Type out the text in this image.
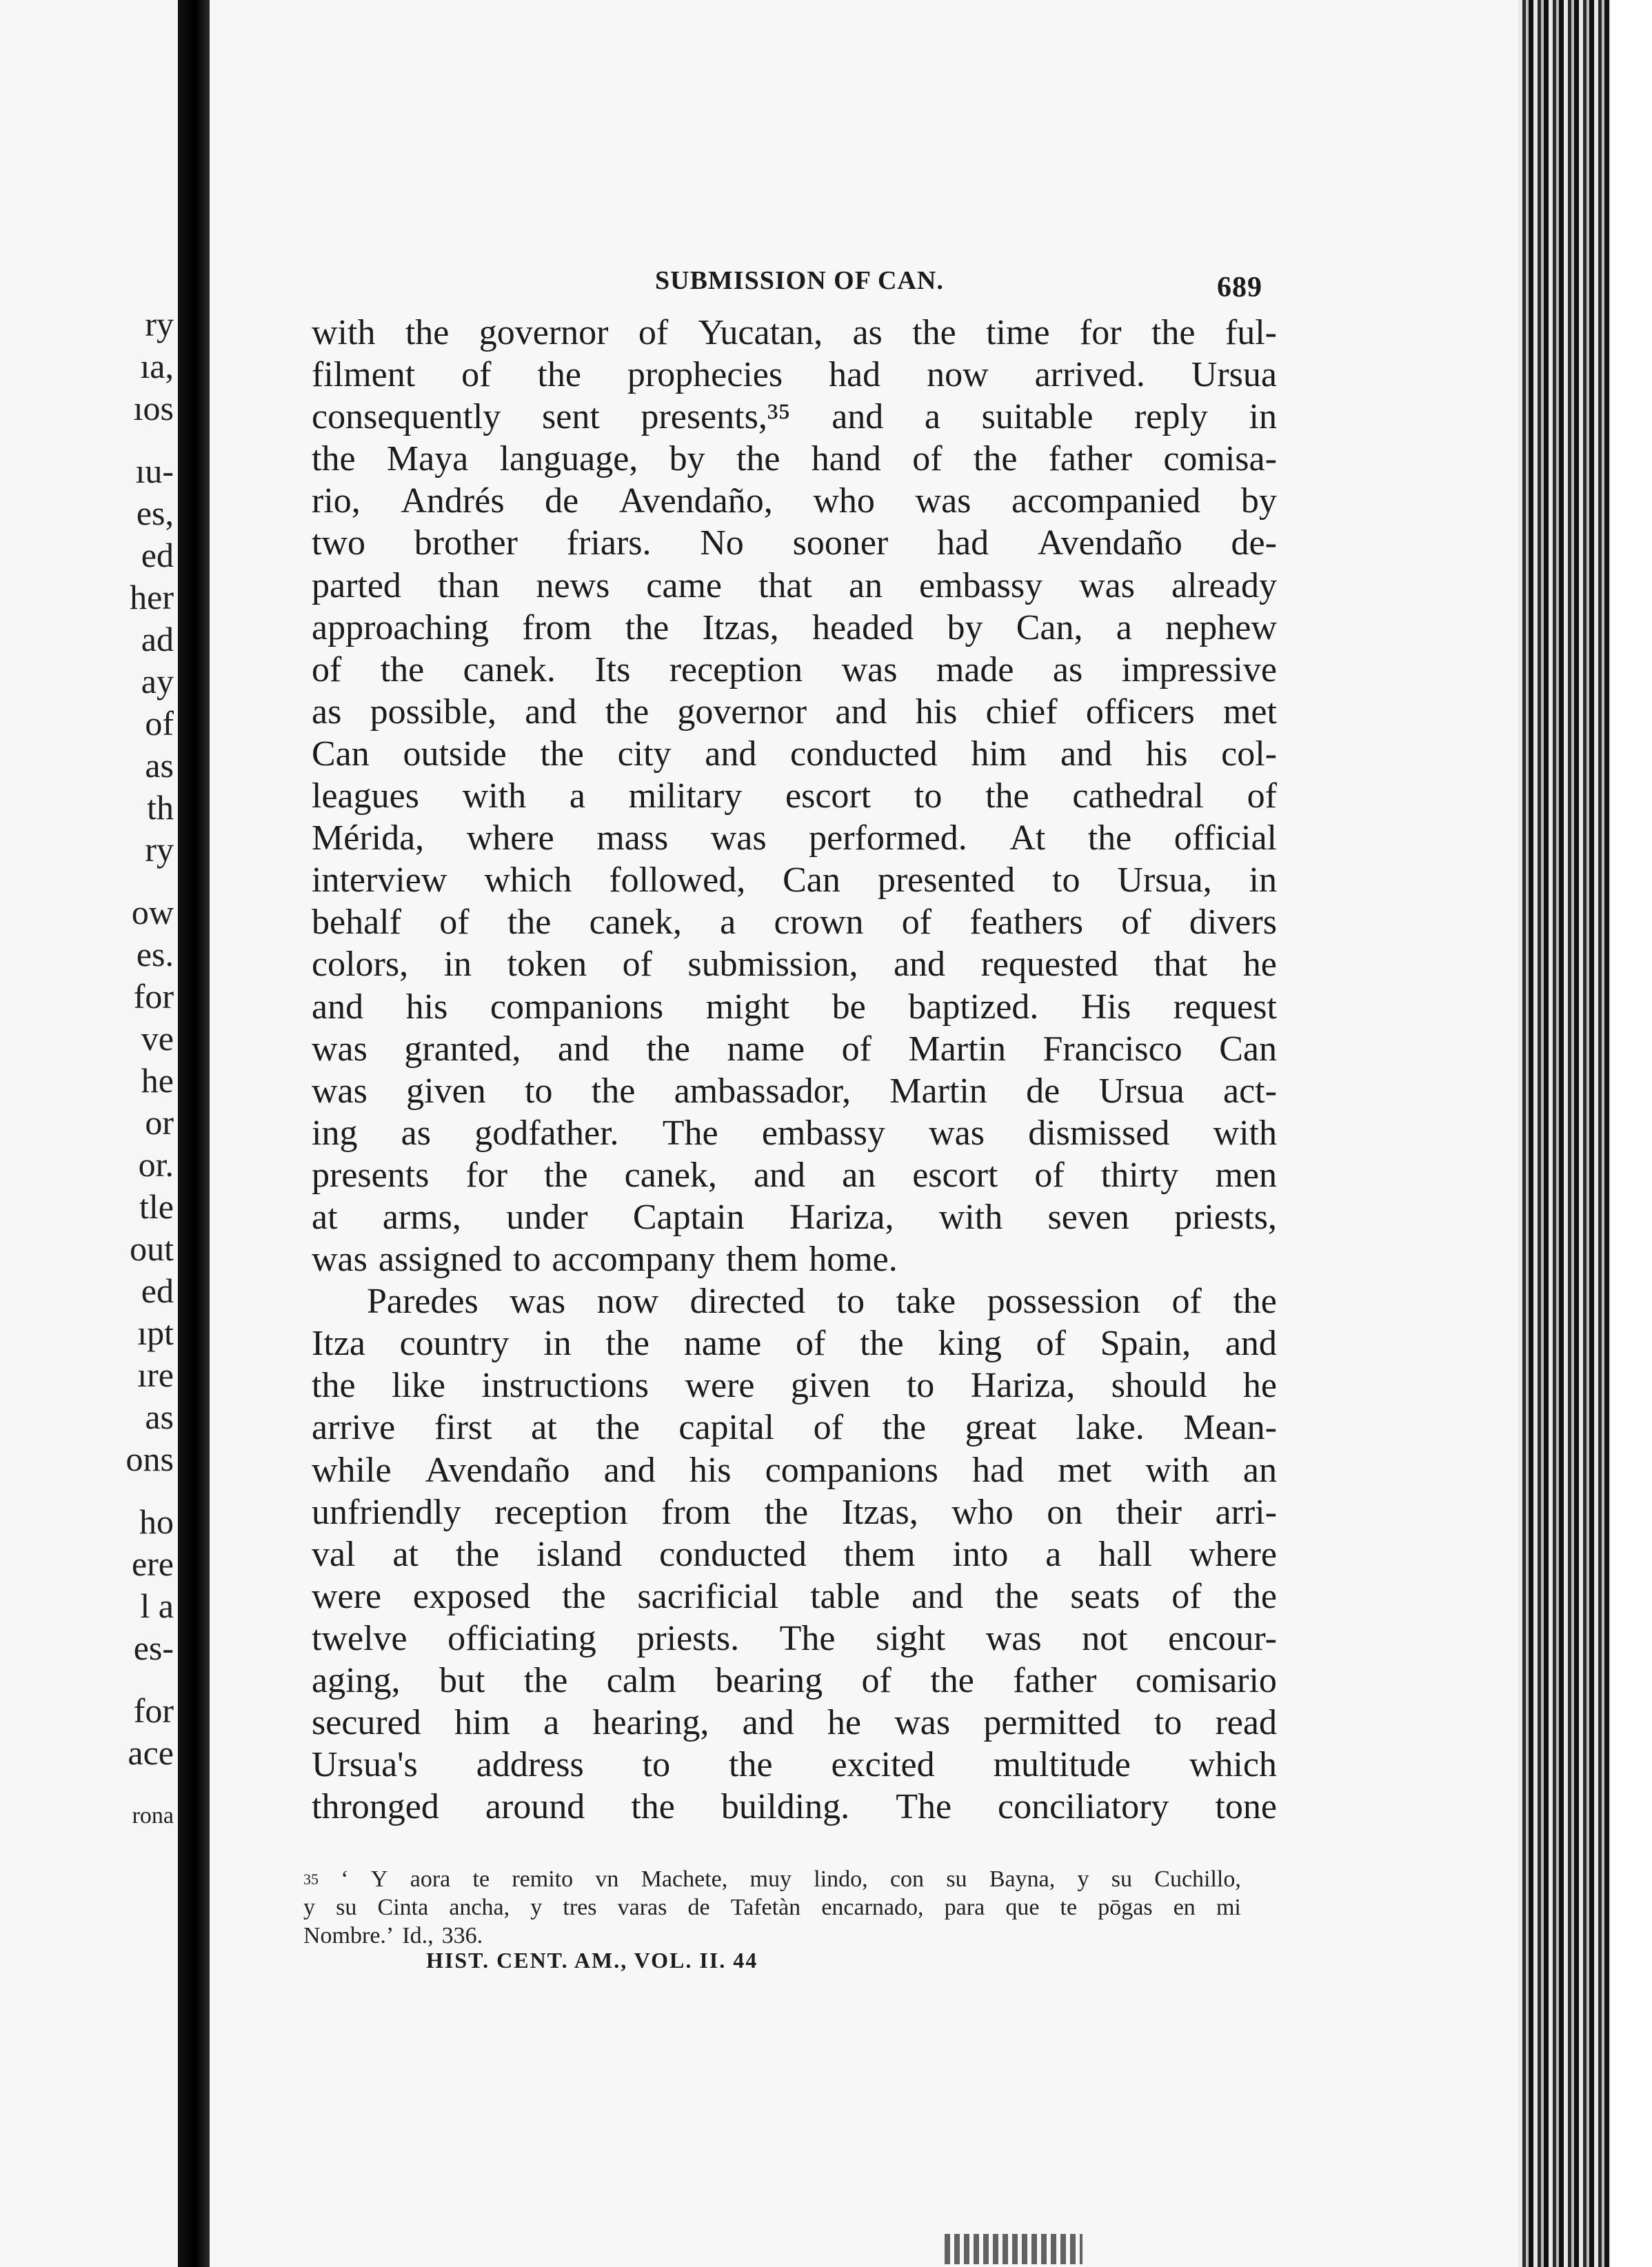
ry
ıa,
ıos
ıu-
es,
ed
her
ad
ay
of
as
th
ry
ow
es.
for
ve
he
or
or.
tle
out
ed
ıpt
ıre
as
ons
ho
ere
l a
es-
for
ace
rona
SUBMISSION OF CAN.	689
with the governor of Yucatan, as the time for the ful-
filment of the prophecies had now arrived. Ursua
consequently sent presents,³⁵ and a suitable reply in
the Maya language, by the hand of the father comisa-
rio, Andrés de Avendaño, who was accompanied by
two brother friars. No sooner had Avendaño de-
parted than news came that an embassy was already
approaching from the Itzas, headed by Can, a nephew
of the canek. Its reception was made as impressive
as possible, and the governor and his chief officers met
Can outside the city and conducted him and his col-
leagues with a military escort to the cathedral of
Mérida, where mass was performed. At the official
interview which followed, Can presented to Ursua, in
behalf of the canek, a crown of feathers of divers
colors, in token of submission, and requested that he
and his companions might be baptized. His request
was granted, and the name of Martin Francisco Can
was given to the ambassador, Martin de Ursua act-
ing as godfather. The embassy was dismissed with
presents for the canek, and an escort of thirty men
at arms, under Captain Hariza, with seven priests,
was assigned to accompany them home.
Paredes was now directed to take possession of the
Itza country in the name of the king of Spain, and
the like instructions were given to Hariza, should he
arrive first at the capital of the great lake. Mean-
while Avendaño and his companions had met with an
unfriendly reception from the Itzas, who on their arri-
val at the island conducted them into a hall where
were exposed the sacrificial table and the seats of the
twelve officiating priests. The sight was not encour-
aging, but the calm bearing of the father comisario
secured him a hearing, and he was permitted to read
Ursua's address to the excited multitude which
thronged around the building. The conciliatory tone
35 ‘ Y aora te remito vn Machete, muy lindo, con su Bayna, y su Cuchillo,
y su Cinta ancha, y tres varas de Tafetàn encarnado, para que te pōgas en mi
Nombre.’ Id., 336.
HIST. CENT. AM., VOL. II. 44
